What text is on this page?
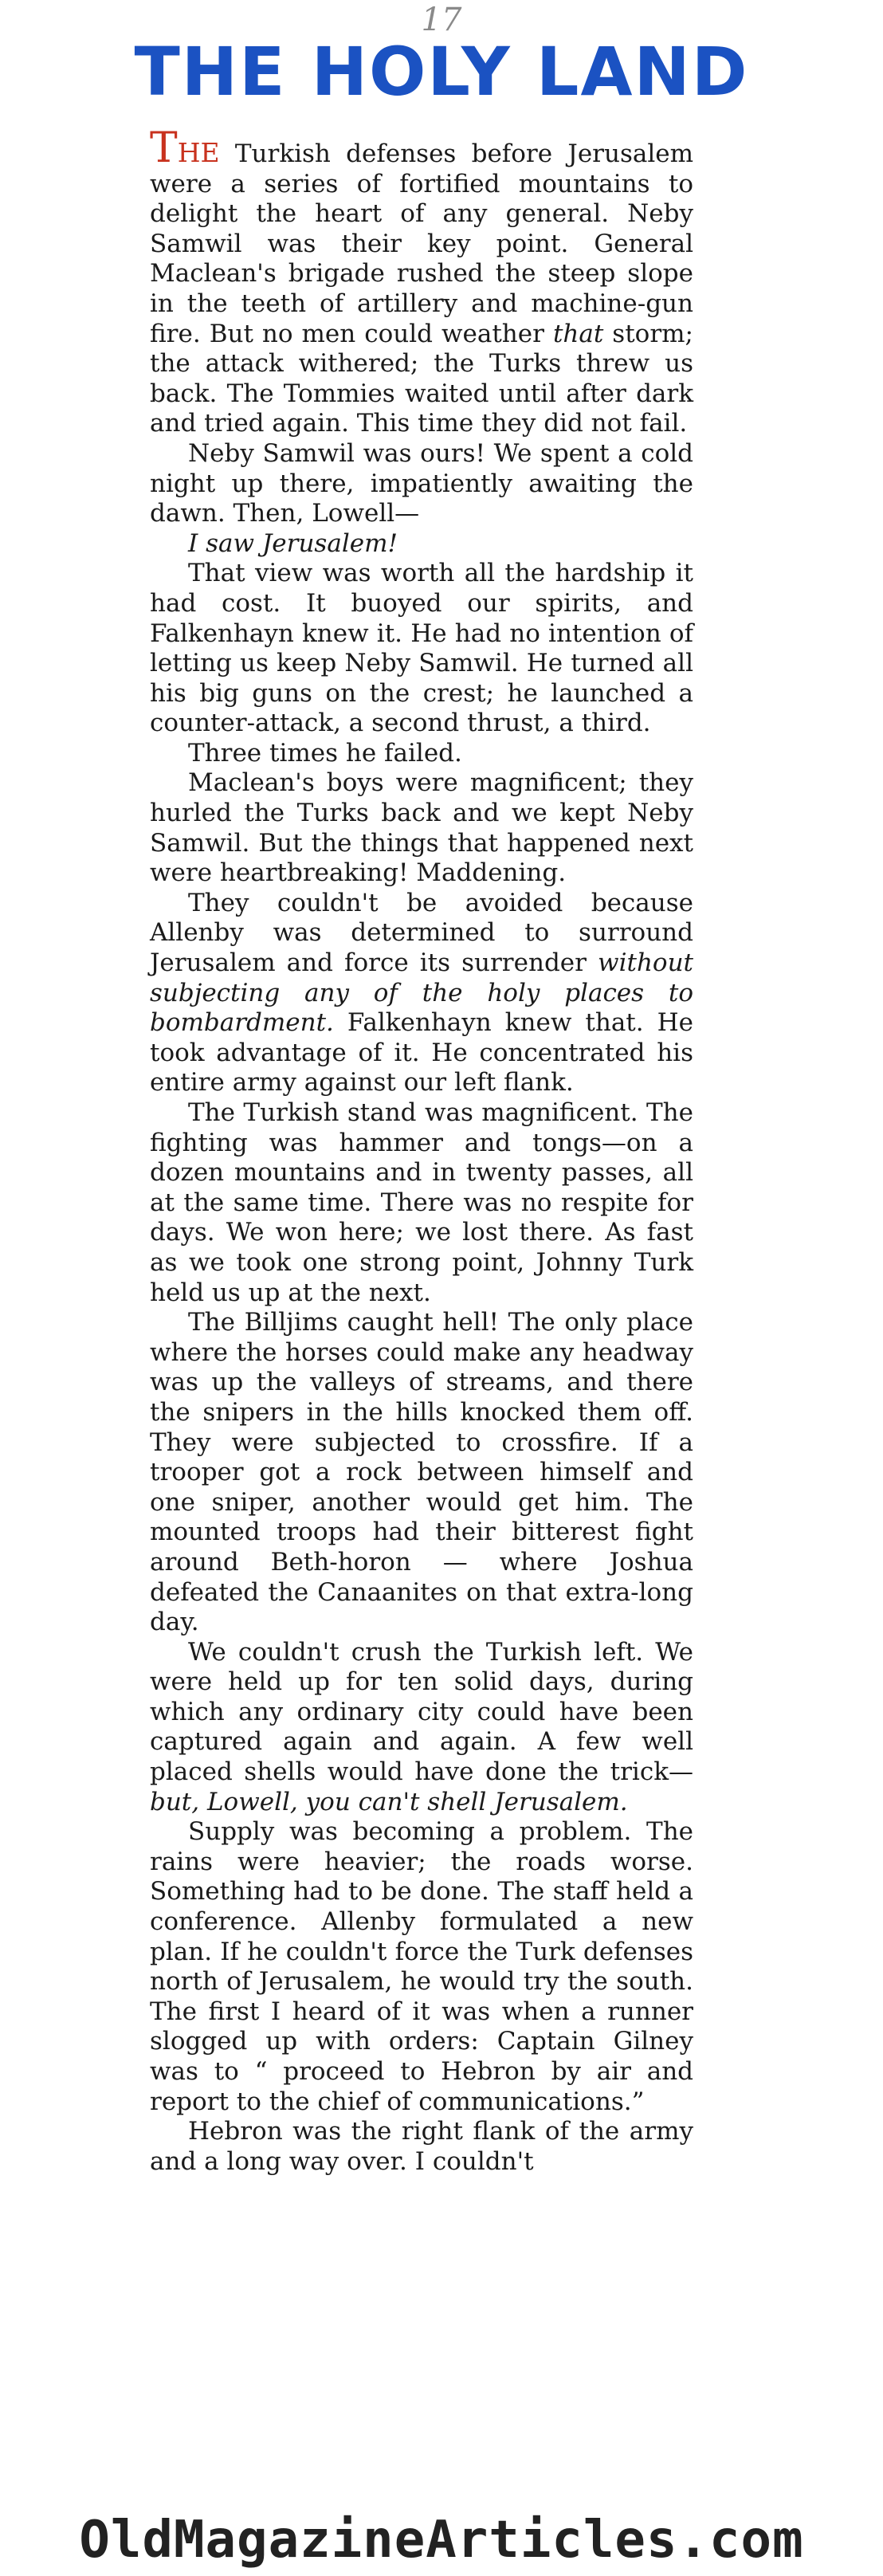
17
THE HOLY LAND

THE Turkish defenses before Jerusalem were a series of fortified mountains to delight the heart of any general. Neby Samwil was their key point. General Maclean's brigade rushed the steep slope in the teeth of artillery and machine-gun fire. But no men could weather that storm; the attack withered; the Turks threw us back. The Tommies waited until after dark and tried again. This time they did not fail.

Neby Samwil was ours! We spent a cold night up there, impatiently awaiting the dawn. Then, Lowell—

I saw Jerusalem!

That view was worth all the hardship it had cost. It buoyed our spirits, and Falkenhayn knew it. He had no intention of letting us keep Neby Samwil. He turned all his big guns on the crest; he launched a counter-attack, a second thrust, a third.

Three times he failed.

Maclean's boys were magnificent; they hurled the Turks back and we kept Neby Samwil. But the things that happened next were heartbreaking! Maddening.

They couldn't be avoided because Allenby was determined to surround Jerusalem and force its surrender without subjecting any of the holy places to bombardment. Falkenhayn knew that. He took advantage of it. He concentrated his entire army against our left flank.

The Turkish stand was magnificent. The fighting was hammer and tongs—on a dozen mountains and in twenty passes, all at the same time. There was no respite for days. We won here; we lost there. As fast as we took one strong point, Johnny Turk held us up at the next.

The Billjims caught hell! The only place where the horses could make any headway was up the valleys of streams, and there the snipers in the hills knocked them off. They were subjected to crossfire. If a trooper got a rock between himself and one sniper, another would get him. The mounted troops had their bitterest fight around Beth-horon — where Joshua defeated the Canaanites on that extra-long day.

We couldn't crush the Turkish left. We were held up for ten solid days, during which any ordinary city could have been captured again and again. A few well placed shells would have done the trick—but, Lowell, you can't shell Jerusalem.

Supply was becoming a problem. The rains were heavier; the roads worse. Something had to be done. The staff held a conference. Allenby formulated a new plan. If he couldn't force the Turk defenses north of Jerusalem, he would try the south. The first I heard of it was when a runner slogged up with orders: Captain Gilney was to “ proceed to Hebron by air and report to the chief of communications.”

Hebron was the right flank of the army and a long way over. I couldn't

OldMagazineArticles.com
